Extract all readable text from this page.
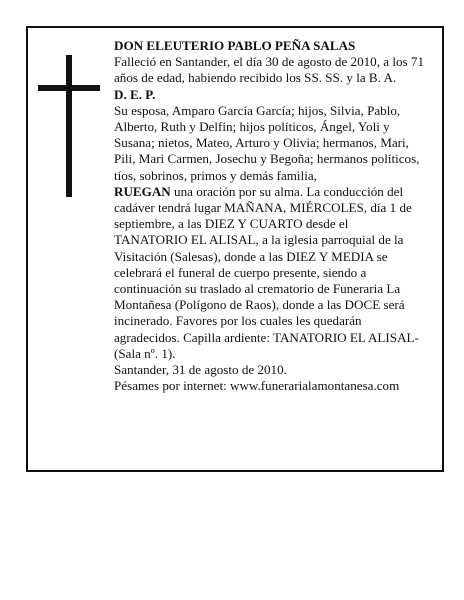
DON ELEUTERIO PABLO PEÑA SALAS

Falleció en Santander, el día 30 de agosto de 2010, a los 71 años de edad, habiendo recibido los SS. SS. y la B. A.

D. E. P.

Su esposa, Amparo García García; hijos, Silvia, Pablo, Alberto, Ruth y Delfín; hijos políticos, Ángel, Yoli y Susana; nietos, Mateo, Arturo y Olivia; hermanos, Mari, Pili, Mari Carmen, Josechu y Begoña; hermanos políticos, tíos, sobrinos, primos y demás familia,

RUEGAN una oración por su alma. La conducción del cadáver tendrá lugar MAÑANA, MIÉRCOLES, día 1 de septiembre, a las DIEZ Y CUARTO desde el TANATORIO EL ALISAL, a la iglesia parroquial de la Visitación (Salesas), donde a las DIEZ Y MEDIA se celebrará el funeral de cuerpo presente, siendo a continuación su traslado al crematorio de Funeraria La Montañesa (Polígono de Raos), donde a las DOCE será incinerado. Favores por los cuales les quedarán agradecidos. Capilla ardiente: TANATORIO EL ALISAL-(Sala nº. 1).

Santander, 31 de agosto de 2010.

Pésames por internet: www.funerarialamontanesa.com
